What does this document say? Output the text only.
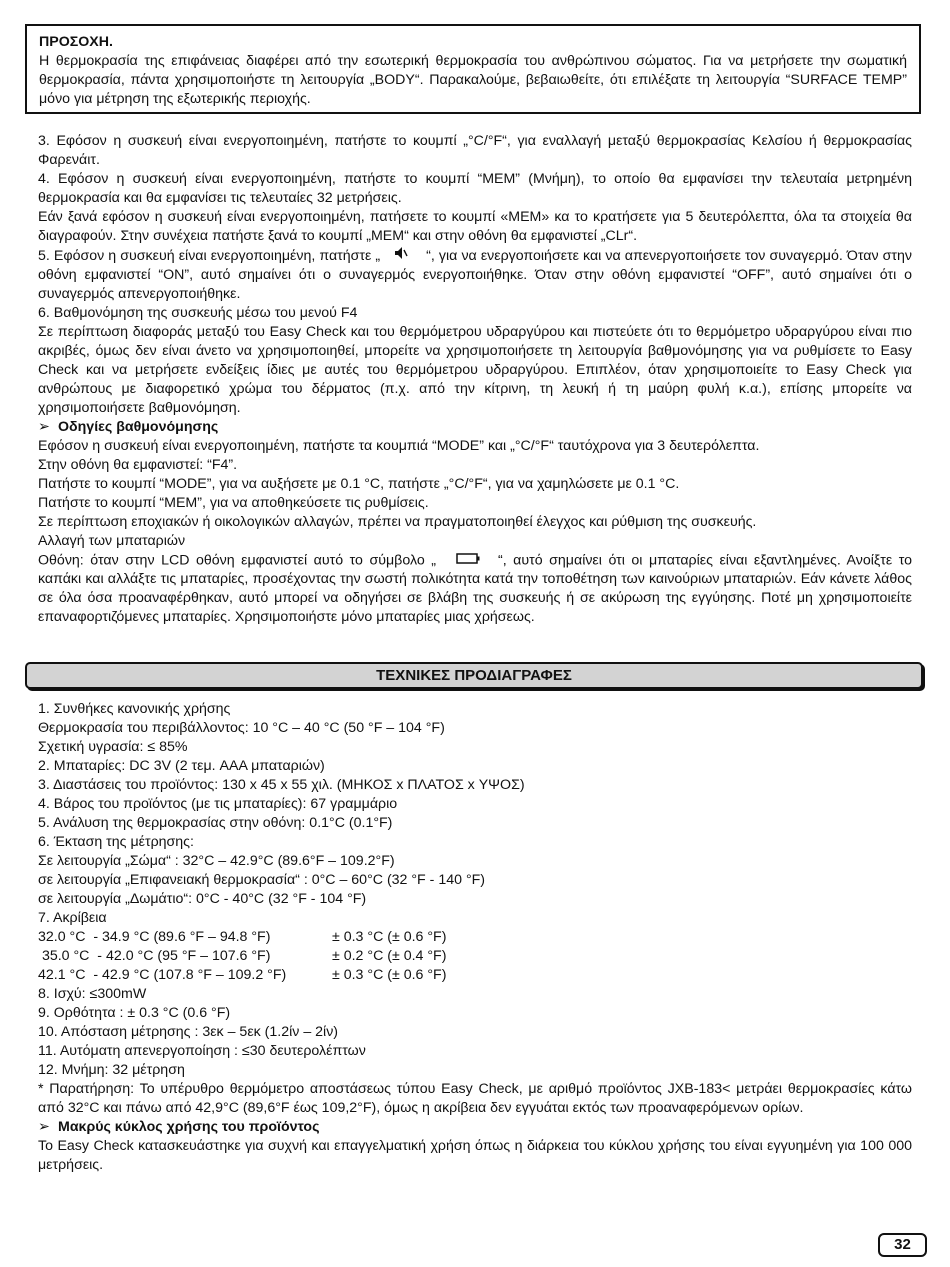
ΠΡΟΣΟΧΗ.

Η θερμοκρασία της επιφάνειας διαφέρει από την εσωτερική θερμοκρασία του ανθρώπινου σώματος. Για να μετρήσετε την σωματική θερμοκρασία, πάντα χρησιμοποιήστε τη λειτουργία „BODY“. Παρακαλούμε, βεβαιωθείτε, ότι επιλέξατε τη λειτουργία “SURFACE TEMP” μόνο για μέτρηση της εξωτερικής περιοχής.

3. Εφόσον η συσκευή είναι ενεργοποιημένη, πατήστε το κουμπί „°C/°F“, για εναλλαγή μεταξύ θερμοκρασίας Κελσίου ή θερμοκρασίας Φαρενάιτ.

4. Εφόσον η συσκευή είναι ενεργοποιημένη, πατήστε το κουμπί “MEM” (Μνήμη), το οποίο θα εμφανίσει την τελευταία μετρημένη θερμοκρασία και θα εμφανίσει τις τελευταίες 32 μετρήσεις.

Εάν ξανά εφόσον η συσκευή είναι ενεργοποιημένη, πατήσετε το κουμπί «MEM» κα το κρατήσετε για 5 δευτερόλεπτα, όλα τα στοιχεία θα διαγραφούν. Στην συνέχεια πατήστε ξανά το κουμπί „MEM“ και στην οθόνη θα εμφανιστεί „CLr“.

5. Εφόσον η συσκευή είναι ενεργοποιημένη, πατήστε „	“, για να ενεργοποιήσετε και να απενεργοποιήσετε τον συναγερμό. Όταν στην οθόνη εμφανιστεί “ON”, αυτό σημαίνει ότι ο συναγερμός ενεργοποιήθηκε. Όταν στην οθόνη εμφανιστεί “OFF”, αυτό σημαίνει ότι ο συναγερμός απενεργοποιήθηκε.

6. Βαθμονόμηση της συσκευής μέσω του μενού F4

Σε περίπτωση διαφοράς μεταξύ του Easy Check και του θερμόμετρου υδραργύρου και πιστεύετε ότι το θερμόμετρο υδραργύρου είναι πιο ακριβές, όμως δεν είναι άνετο να χρησιμοποιηθεί, μπορείτε να χρησιμοποιήσετε τη λειτουργία βαθμονόμησης για να ρυθμίσετε το Easy Check και να μετρήσετε ενδείξεις ίδιες με αυτές του θερμόμετρου υδραργύρου. Επιπλέον, όταν χρησιμοποιείτε το Easy Check για ανθρώπους με διαφορετικό χρώμα του δέρματος (π.χ. από την κίτρινη, τη λευκή ή τη μαύρη φυλή κ.α.), επίσης μπορείτε να χρησιμοποιήσετε βαθμονόμηση.

➢ Οδηγίες βαθμονόμησης

Εφόσον η συσκευή είναι ενεργοποιημένη, πατήστε τα κουμπιά “MODE” και „°C/°F“ ταυτόχρονα για 3 δευτερόλεπτα.

Στην οθόνη θα εμφανιστεί: “F4”.

Πατήστε το κουμπί “MODE”, για να αυξήσετε με 0.1 °C, πατήστε „°C/°F“, για να χαμηλώσετε με 0.1 °C.

Πατήστε το κουμπί “MEM”, για να αποθηκεύσετε τις ρυθμίσεις.

Σε περίπτωση εποχιακών ή οικολογικών αλλαγών, πρέπει να πραγματοποιηθεί έλεγχος και ρύθμιση της συσκευής.

Αλλαγή των μπαταριών

Οθόνη: όταν στην LCD οθόνη εμφανιστεί αυτό το σύμβολο „	“, αυτό σημαίνει ότι οι μπαταρίες είναι εξαντλημένες. Ανοίξτε το καπάκι και αλλάξτε τις μπαταρίες, προσέχοντας την σωστή πολικότητα κατά την τοποθέτηση των καινούριων μπαταριών. Εάν κάνετε λάθος σε όλα όσα προαναφέρθηκαν, αυτό μπορεί να οδηγήσει σε βλάβη της συσκευής ή σε ακύρωση της εγγύησης. Ποτέ μη χρησιμοποιείτε επαναφορτιζόμενες μπαταρίες. Χρησιμοποιήστε μόνο μπαταρίες μιας χρήσεως.

ΤΕΧΝΙΚΕΣ ΠΡΟΔΙΑΓΡΑΦΕΣ

1. Συνθήκες κανονικής χρήσης

Θερμοκρασία του περιβάλλοντος: 10 °C – 40 °C (50 °F – 104 °F)

Σχετική υγρασία: ≤ 85%

2. Μπαταρίες: DC 3V (2 τεμ. AAA μπαταριών)

3. Διαστάσεις του προϊόντος: 130 x 45 x 55 χιλ. (ΜΗΚΟΣ x ΠΛΑΤΟΣ x ΥΨΟΣ)

4. Βάρος του προϊόντος (με τις μπαταρίες): 67 γραμμάριο

5. Ανάλυση της θερμοκρασίας στην οθόνη: 0.1°C (0.1°F)

6. Έκταση της μέτρησης:

Σε λειτουργία „Σώμα“ : 32°C – 42.9°C (89.6°F – 109.2°F)

σε λειτουργία „Επιφανειακή θερμοκρασία“ : 0°C – 60°C (32 °F - 140 °F)

σε λειτουργία „Δωμάτιο“: 0°C - 40°C (32 °F - 104 °F)

7. Ακρίβεια

32.0 °C  - 34.9 °C (89.6 °F – 94.8 °F)	± 0.3 °C (± 0.6 °F)
35.0 °C  - 42.0 °C (95 °F – 107.6 °F)	± 0.2 °C (± 0.4 °F)
42.1 °C  - 42.9 °C (107.8 °F – 109.2 °F)	± 0.3 °C (± 0.6 °F)

8. Ισχύ: ≤300mW

9. Ορθότητα : ± 0.3 °C (0.6 °F)

10. Απόσταση μέτρησης : 3εκ – 5εκ (1.2ίν – 2ίν)

11. Αυτόματη απενεργοποίηση : ≤30 δευτερολέπτων

12. Μνήμη: 32 μέτρηση

* Παρατήρηση: Το υπέρυθρο θερμόμετρο αποστάσεως τύπου Easy Check, με αριθμό προϊόντος JXB-183< μετράει θερμοκρασίες κάτω από 32°C και πάνω από 42,9°C (89,6°F έως 109,2°F), όμως η ακρίβεια δεν εγγυάται εκτός των προαναφερόμενων ορίων.

➢ Μακρύς κύκλος χρήσης του προϊόντος

Το Easy Check κατασκευάστηκε για συχνή και επαγγελματική χρήση όπως η διάρκεια του κύκλου χρήσης του είναι εγγυημένη για 100 000 μετρήσεις.

32
